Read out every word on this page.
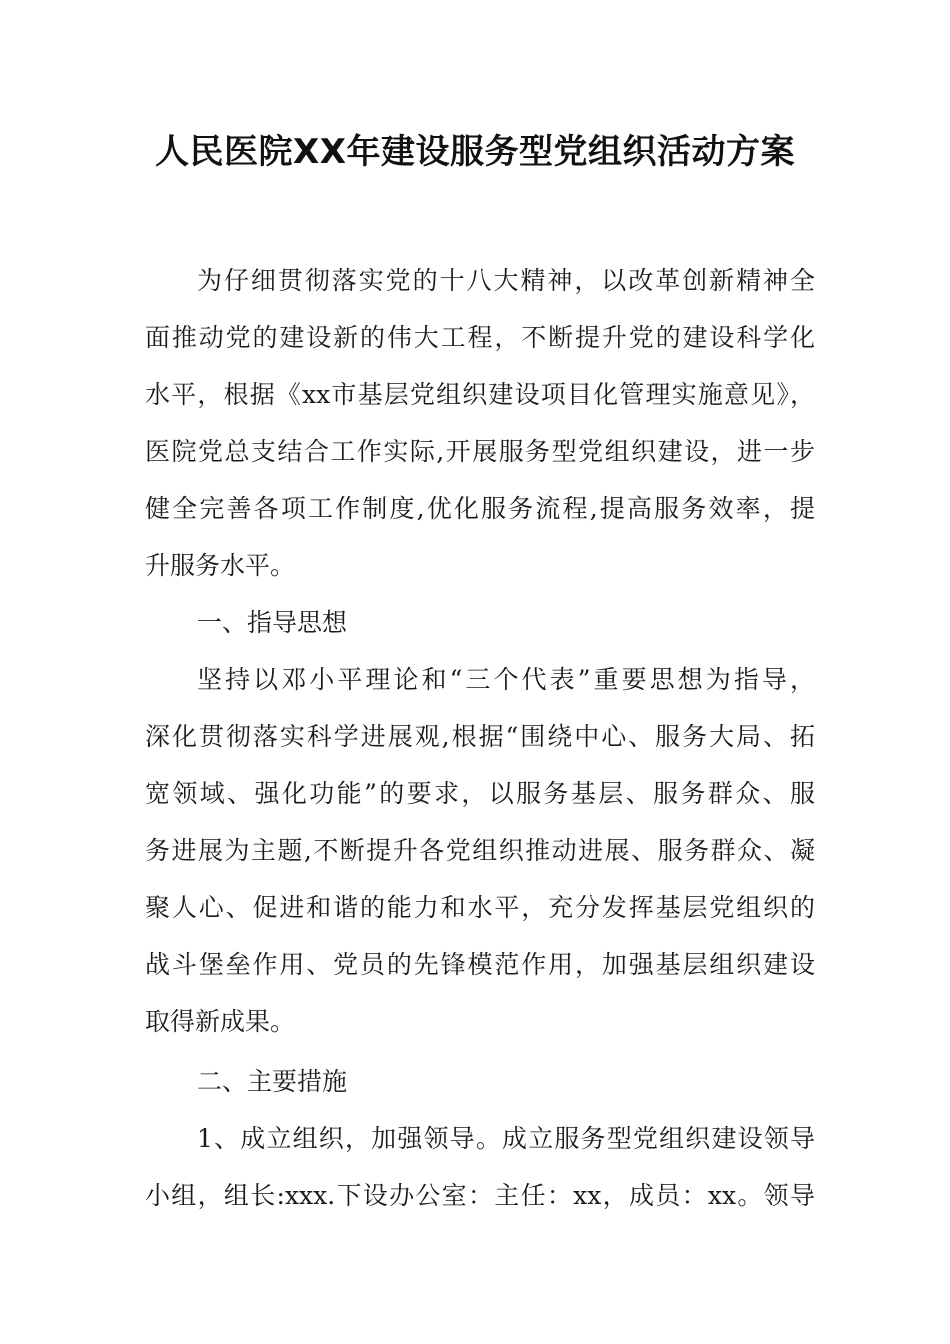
人民医院XX年建设服务型党组织活动方案
为仔细贯彻落实党的十八大精神，以改革创新精神全
面推动党的建设新的伟大工程，不断提升党的建设科学化
水平，根据《xx市基层党组织建设项目化管理实施意见》，
医院党总支结合工作实际,开展服务型党组织建设，进一步
健全完善各项工作制度,优化服务流程,提高服务效率，提
升服务水平。
一、指导思想
坚持以邓小平理论和“三个代表”重要思想为指导，
深化贯彻落实科学进展观,根据“围绕中心、服务大局、拓
宽领域、强化功能”的要求，以服务基层、服务群众、服
务进展为主题,不断提升各党组织推动进展、服务群众、凝
聚人心、促进和谐的能力和水平，充分发挥基层党组织的
战斗堡垒作用、党员的先锋模范作用，加强基层组织建设
取得新成果。
二、主要措施
1、成立组织，加强领导。成立服务型党组织建设领导
小组，组长:xxx.下设办公室：主任：xx，成员：xx。领导
